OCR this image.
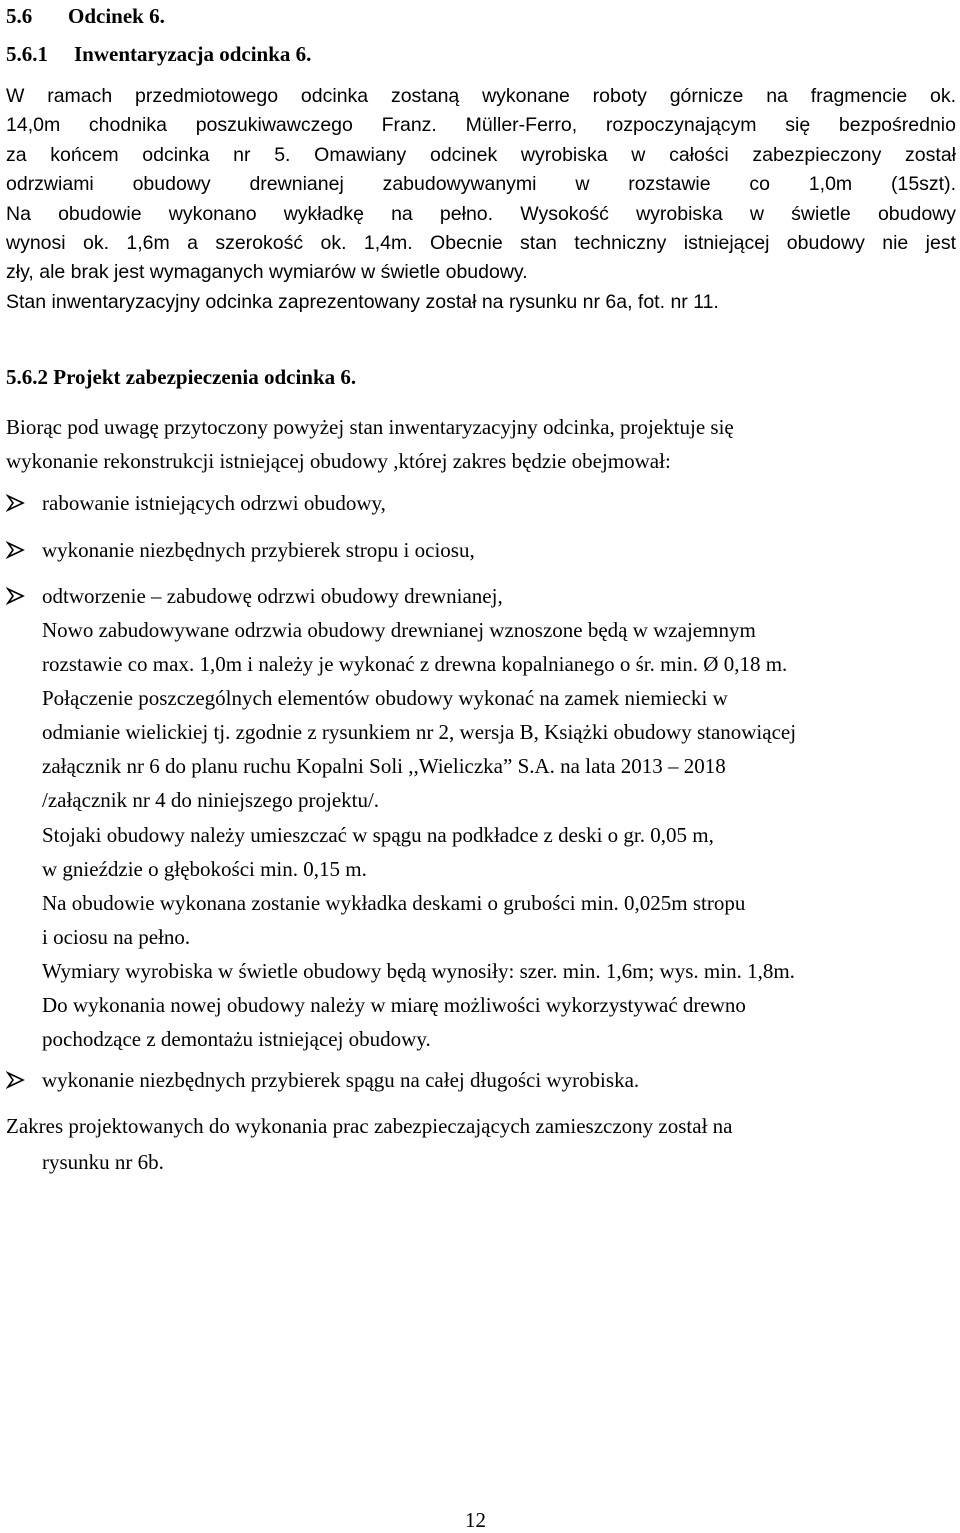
5.6 Odcinek 6.
5.6.1 Inwentaryzacja odcinka 6.
W ramach przedmiotowego odcinka zostaną wykonane roboty górnicze na fragmencie ok.
14,0m chodnika poszukiwawczego Franz. Müller-Ferro, rozpoczynającym się bezpośrednio
za końcem odcinka nr 5. Omawiany odcinek wyrobiska w całości zabezpieczony został
odrzwiami obudowy drewnianej zabudowywanymi w rozstawie co 1,0m (15szt).
Na obudowie wykonano wykładkę na pełno. Wysokość wyrobiska w świetle obudowy
wynosi ok. 1,6m a szerokość ok. 1,4m. Obecnie stan techniczny istniejącej obudowy nie jest
zły, ale brak jest wymaganych wymiarów w świetle obudowy.
Stan inwentaryzacyjny odcinka zaprezentowany został na rysunku nr 6a, fot. nr 11.
5.6.2 Projekt zabezpieczenia odcinka 6.
Biorąc pod uwagę przytoczony powyżej stan inwentaryzacyjny odcinka, projektuje się
wykonanie rekonstrukcji istniejącej obudowy ,której zakres będzie obejmował:
rabowanie istniejących odrzwi obudowy,
wykonanie niezbędnych przybierek stropu i ociosu,
odtworzenie – zabudowę odrzwi obudowy drewnianej,
Nowo zabudowywane odrzwia obudowy drewnianej wznoszone będą w wzajemnym
rozstawie co max. 1,0m i należy je wykonać z drewna kopalnianego o śr. min. Ø 0,18 m.
Połączenie poszczególnych elementów obudowy wykonać na zamek niemiecki w
odmianie wielickiej tj. zgodnie z rysunkiem nr 2, wersja B, Książki obudowy stanowiącej
załącznik nr 6 do planu ruchu Kopalni Soli ,,Wieliczka” S.A. na lata 2013 – 2018
/załącznik nr 4 do niniejszego projektu/.
Stojaki obudowy należy umieszczać w spągu na podkładce z deski o gr. 0,05 m,
w gnieździe o głębokości min. 0,15 m.
Na obudowie wykonana zostanie wykładka deskami o grubości min. 0,025m stropu
i ociosu na pełno.
Wymiary wyrobiska w świetle obudowy będą wynosiły: szer. min. 1,6m; wys. min. 1,8m.
Do wykonania nowej obudowy należy w miarę możliwości wykorzystywać drewno
pochodzące z demontażu istniejącej obudowy.
wykonanie niezbędnych przybierek spągu na całej długości wyrobiska.
Zakres projektowanych do wykonania prac zabezpieczających zamieszczony został na
rysunku nr 6b.
12
